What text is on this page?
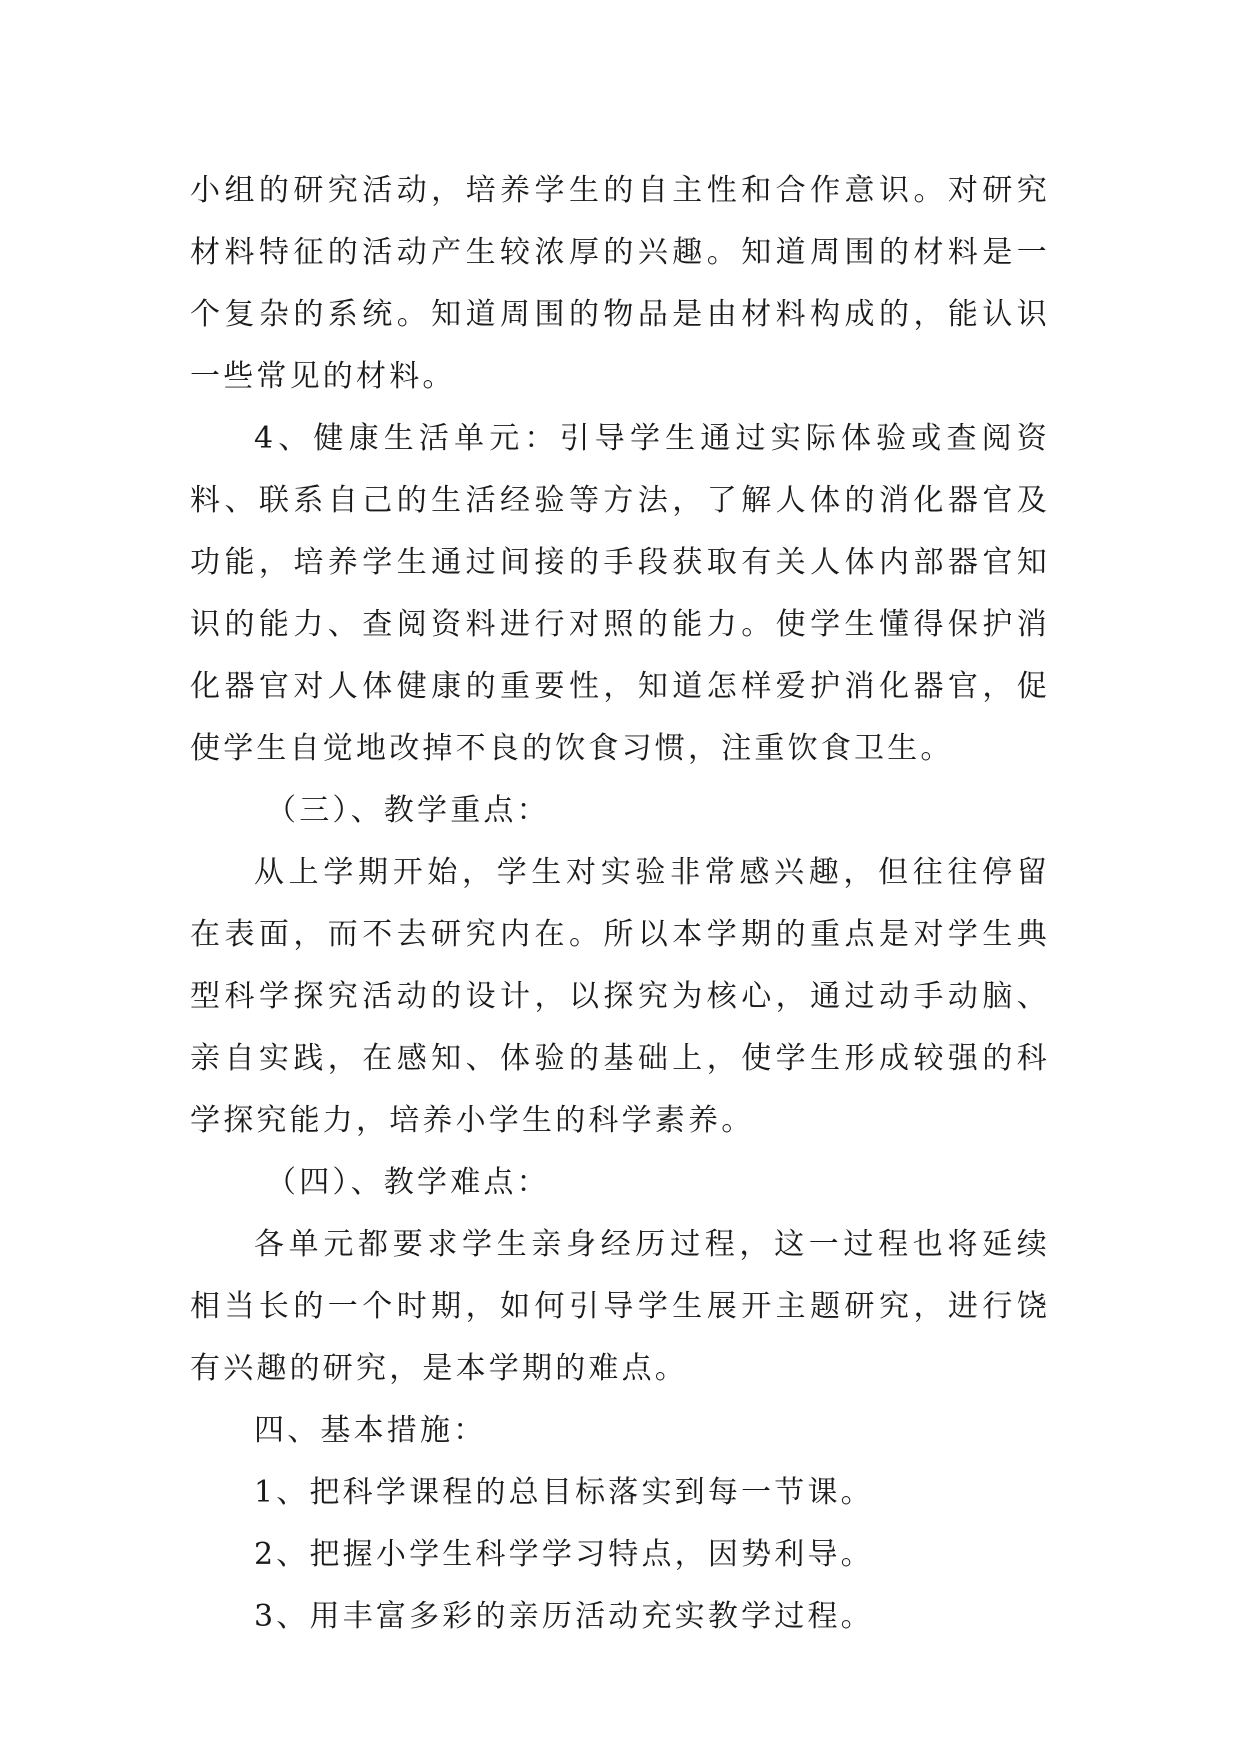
小组的研究活动，培养学生的自主性和合作意识。对研究材料特征的活动产生较浓厚的兴趣。知道周围的材料是一个复杂的系统。知道周围的物品是由材料构成的，能认识一些常见的材料。

4、健康生活单元：引导学生通过实际体验或查阅资料、联系自己的生活经验等方法，了解人体的消化器官及功能，培养学生通过间接的手段获取有关人体内部器官知识的能力、查阅资料进行对照的能力。使学生懂得保护消化器官对人体健康的重要性，知道怎样爱护消化器官，促使学生自觉地改掉不良的饮食习惯，注重饮食卫生。

（三）、教学重点：

从上学期开始，学生对实验非常感兴趣，但往往停留在表面，而不去研究内在。所以本学期的重点是对学生典型科学探究活动的设计，以探究为核心，通过动手动脑、亲自实践，在感知、体验的基础上，使学生形成较强的科学探究能力，培养小学生的科学素养。

（四）、教学难点：

各单元都要求学生亲身经历过程，这一过程也将延续相当长的一个时期，如何引导学生展开主题研究，进行饶有兴趣的研究，是本学期的难点。

四、基本措施：

1、把科学课程的总目标落实到每一节课。

2、把握小学生科学学习特点，因势利导。

3、用丰富多彩的亲历活动充实教学过程。
